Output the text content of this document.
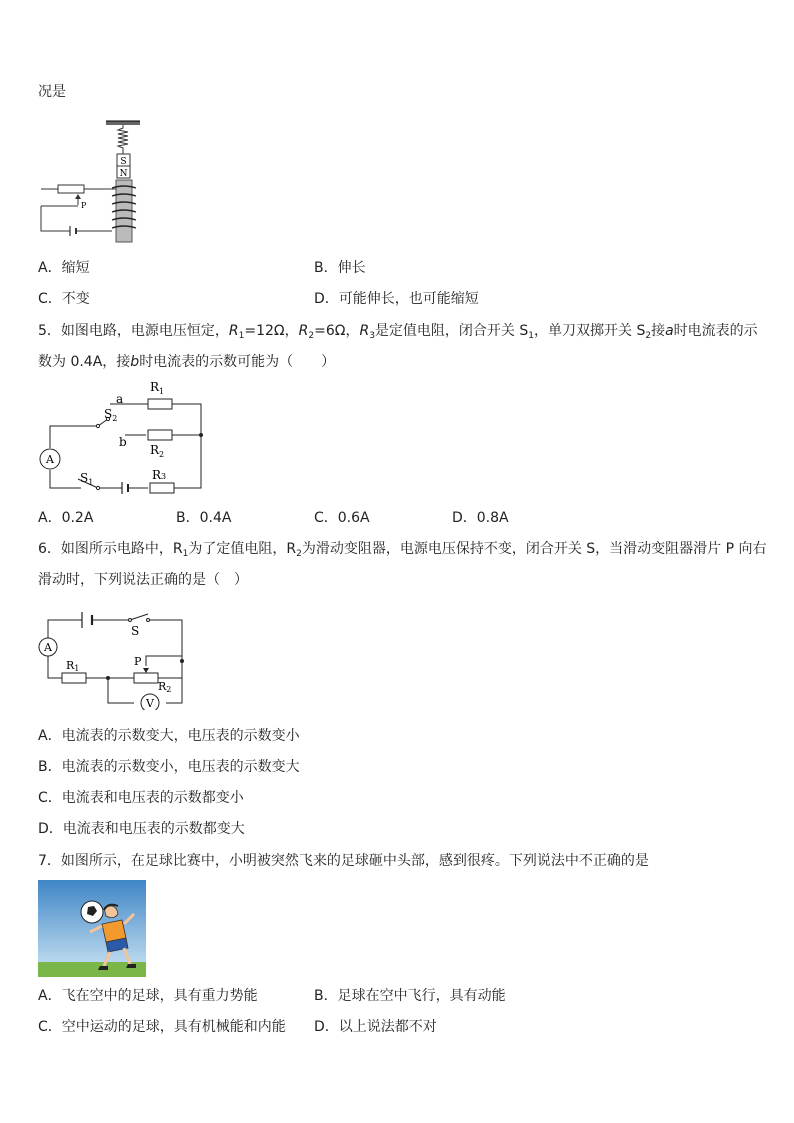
况是
S
N
P
A．缩短	B．伸长
C．不变	D．可能伸长，也可能缩短
5．如图电路，电源电压恒定，$R_1=12\Omega$，$R_2=6\Omega$，$R_3$是定值电阻，闭合开关 $S_1$，单刀双掷开关 $S_2$接a时电流表的示
数为 0.4A，接b时电流表的示数可能为（　　）
A
$R_1$
$R_2$
R3
$S_2$
$S_1$
a
b
A．0.2A	B．0.4A	C．0.6A	D．0.8A
6．如图所示电路中，$R_1$为了定值电阻，$R_2$为滑动变阻器，电源电压保持不变，闭合开关 S，当滑动变阻器滑片 P 向右
滑动时，下列说法正确的是（　）
A
V
S
R1
P
R2
A．电流表的示数变大，电压表的示数变小
B．电流表的示数变小，电压表的示数变大
C．电流表和电压表的示数都变小
D．电流表和电压表的示数都变大
7．如图所示，在足球比赛中，小明被突然飞来的足球砸中头部，感到很疼。下列说法中不正确的是
A．飞在空中的足球，具有重力势能	B．足球在空中飞行，具有动能
C．空中运动的足球，具有机械能和内能 D．以上说法都不对
